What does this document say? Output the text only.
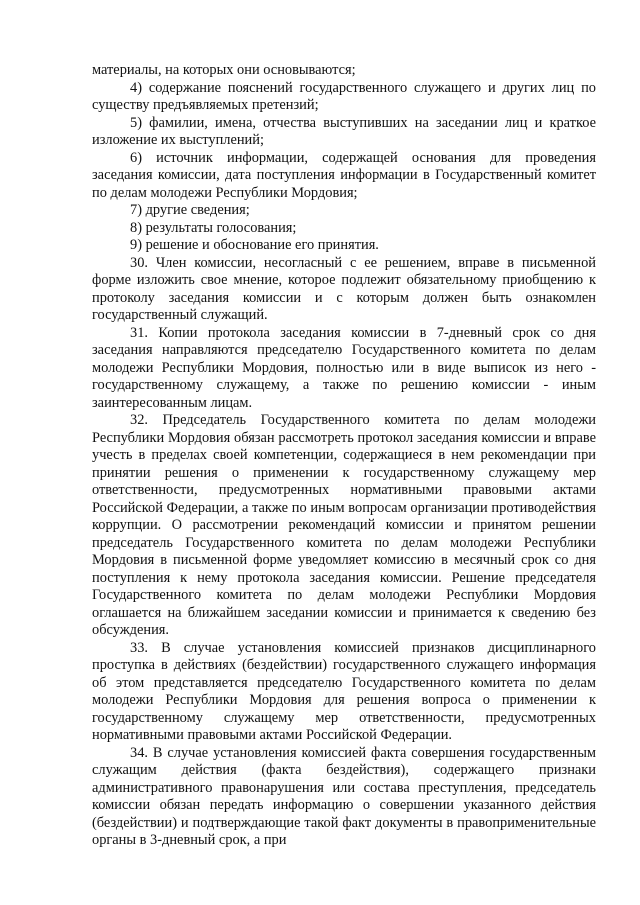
материалы, на которых они основываются;

4) содержание пояснений государственного служащего и других лиц по существу предъявляемых претензий;

5) фамилии, имена, отчества выступивших на заседании лиц и краткое изложение их выступлений;

6) источник информации, содержащей основания для проведения заседания комиссии, дата поступления информации в Государственный комитет по делам молодежи Республики Мордовия;

7) другие сведения;

8) результаты голосования;

9) решение и обоснование его принятия.

30. Член комиссии, несогласный с ее решением, вправе в письменной форме изложить свое мнение, которое подлежит обязательному приобщению к протоколу заседания комиссии и с которым должен быть ознакомлен государственный служащий.

31. Копии протокола заседания комиссии в 7-дневный срок со дня заседания направляются председателю Государственного комитета по делам молодежи Республики Мордовия, полностью или в виде выписок из него - государственному служащему, а также по решению комиссии - иным заинтересованным лицам.

32. Председатель Государственного комитета по делам молодежи Республики Мордовия обязан рассмотреть протокол заседания комиссии и вправе учесть в пределах своей компетенции, содержащиеся в нем рекомендации при принятии решения о применении к государственному служащему мер ответственности, предусмотренных нормативными правовыми актами Российской Федерации, а также по иным вопросам организации противодействия коррупции. О рассмотрении рекомендаций комиссии и принятом решении председатель Государственного комитета по делам молодежи Республики Мордовия в письменной форме уведомляет комиссию в месячный срок со дня поступления к нему протокола заседания комиссии. Решение председателя Государственного комитета по делам молодежи Республики Мордовия оглашается на ближайшем заседании комиссии и принимается к сведению без обсуждения.

33. В случае установления комиссией признаков дисциплинарного проступка в действиях (бездействии) государственного служащего информация об этом представляется председателю Государственного комитета по делам молодежи Республики Мордовия для решения вопроса о применении к государственному служащему мер ответственности, предусмотренных нормативными правовыми актами Российской Федерации.

34. В случае установления комиссией факта совершения государственным служащим действия (факта бездействия), содержащего признаки административного правонарушения или состава преступления, председатель комиссии обязан передать информацию о совершении указанного действия (бездействии) и подтверждающие такой факт документы в правоприменительные органы в 3-дневный срок, а при
